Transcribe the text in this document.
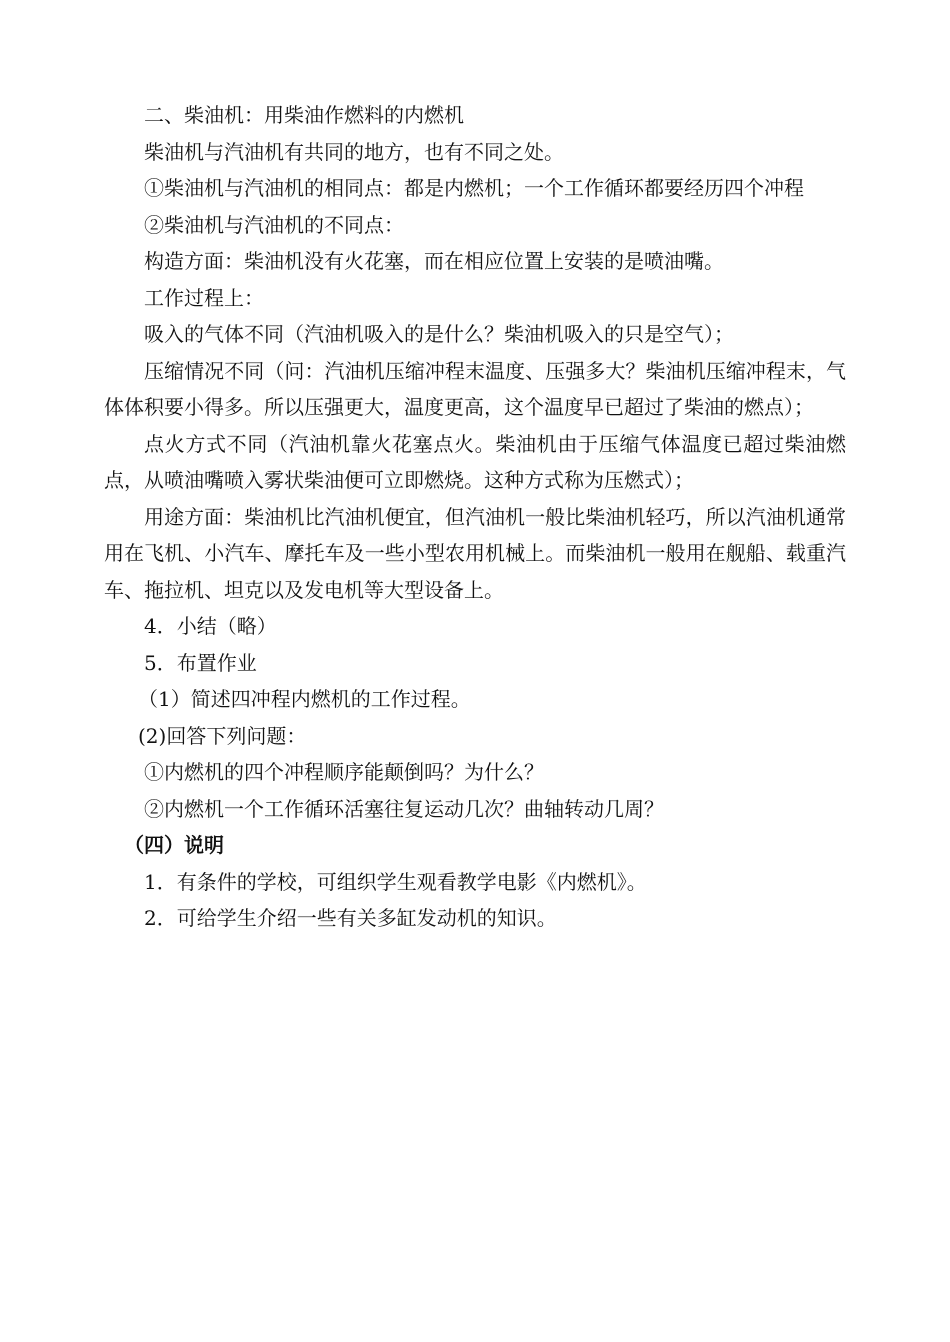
二、柴油机：用柴油作燃料的内燃机

柴油机与汽油机有共同的地方，也有不同之处。

①柴油机与汽油机的相同点：都是内燃机；一个工作循环都要经历四个冲程

②柴油机与汽油机的不同点：

构造方面：柴油机没有火花塞，而在相应位置上安装的是喷油嘴。

工作过程上：

吸入的气体不同（汽油机吸入的是什么？柴油机吸入的只是空气）；

压缩情况不同（问：汽油机压缩冲程末温度、压强多大？柴油机压缩冲程末，气体体积要小得多。所以压强更大，温度更高，这个温度早已超过了柴油的燃点）；

点火方式不同（汽油机靠火花塞点火。柴油机由于压缩气体温度已超过柴油燃点，从喷油嘴喷入雾状柴油便可立即燃烧。这种方式称为压燃式）；

用途方面：柴油机比汽油机便宜，但汽油机一般比柴油机轻巧，所以汽油机通常用在飞机、小汽车、摩托车及一些小型农用机械上。而柴油机一般用在舰船、载重汽车、拖拉机、坦克以及发电机等大型设备上。

4．小结（略）

5．布置作业

（1）简述四冲程内燃机的工作过程。

(2)回答下列问题：

①内燃机的四个冲程顺序能颠倒吗？为什么？

②内燃机一个工作循环活塞往复运动几次？曲轴转动几周？

（四）说明

1．有条件的学校，可组织学生观看教学电影《内燃机》。

2．可给学生介绍一些有关多缸发动机的知识。
